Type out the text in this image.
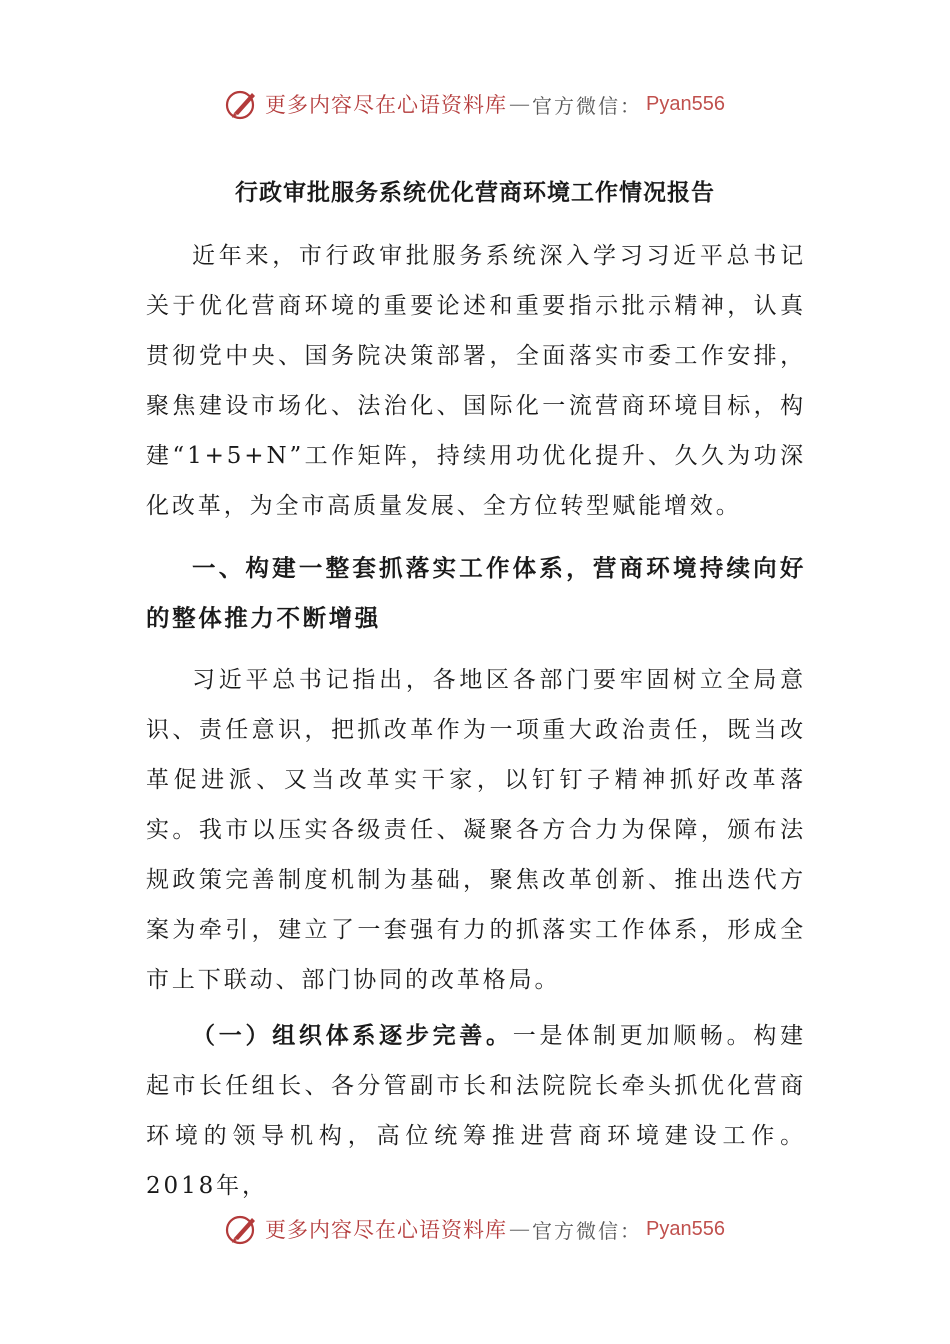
更多内容尽在心语资料库 — 官方微信 ： Pyan556
行政审批服务系统优化营商环境工作情况报告

近年来，市行政审批服务系统深入学习习近平总书记关于优化营商环境的重要论述和重要指示批示精神，认真贯彻党中央、国务院决策部署，全面落实市委工作安排，聚焦建设市场化、法治化、国际化一流营商环境目标，构建“1+5+N”工作矩阵，持续用功优化提升、久久为功深化改革，为全市高质量发展、全方位转型赋能增效。

一、构建一整套抓落实工作体系，营商环境持续向好的整体推力不断增强

习近平总书记指出，各地区各部门要牢固树立全局意识、责任意识，把抓改革作为一项重大政治责任，既当改革促进派、又当改革实干家，以钉钉子精神抓好改革落实。我市以压实各级责任、凝聚各方合力为保障，颁布法规政策完善制度机制为基础，聚焦改革创新、推出迭代方案为牵引，建立了一套强有力的抓落实工作体系，形成全市上下联动、部门协同的改革格局。

（一）组织体系逐步完善。一是体制更加顺畅。构建起市长任组长、各分管副市长和法院院长牵头抓优化营商环境的领导机构，高位统筹推进营商环境建设工作。2018年，

更多内容尽在心语资料库 — 官方微信 ： Pyan556
